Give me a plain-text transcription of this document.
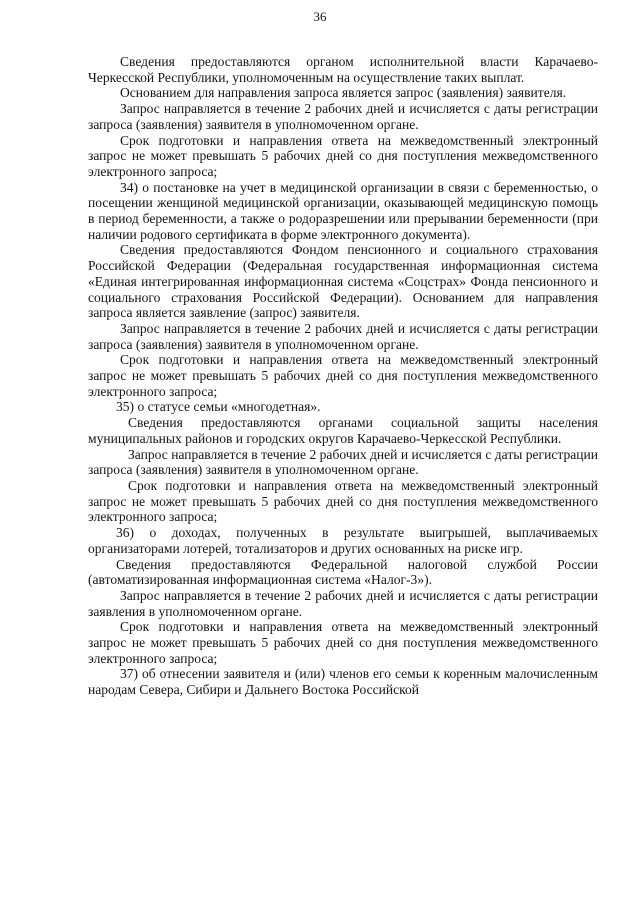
36

Сведения предоставляются органом исполнительной власти Карачаево-Черкесской Республики, уполномоченным на осуществление таких выплат.

Основанием для направления запроса является запрос (заявления) заявителя.

Запрос направляется в течение 2 рабочих дней и исчисляется с даты регистрации запроса (заявления) заявителя в уполномоченном органе.

Срок подготовки и направления ответа на межведомственный электронный запрос не может превышать 5 рабочих дней со дня поступления межведомственного электронного запроса;

34) о постановке на учет в медицинской организации в связи с беременностью, о посещении женщиной медицинской организации, оказывающей медицинскую помощь в период беременности, а также о родоразрешении или прерывании беременности (при наличии родового сертификата в форме электронного документа).

Сведения предоставляются Фондом пенсионного и социального страхования Российской Федерации (Федеральная государственная информационная система «Единая интегрированная информационная система «Соцстрах» Фонда пенсионного и социального страхования Российской Федерации). Основанием для направления запроса является заявление (запрос) заявителя.

Запрос направляется в течение 2 рабочих дней и исчисляется с даты регистрации запроса (заявления) заявителя в уполномоченном органе.

Срок подготовки и направления ответа на межведомственный электронный запрос не может превышать 5 рабочих дней со дня поступления межведомственного электронного запроса;

35) о статусе семьи «многодетная».

Сведения предоставляются органами социальной защиты населения муниципальных районов и городских округов Карачаево-Черкесской Республики.

Запрос направляется в течение 2 рабочих дней и исчисляется с даты регистрации запроса (заявления) заявителя в уполномоченном органе.

Срок подготовки и направления ответа на межведомственный электронный запрос не может превышать 5 рабочих дней со дня поступления межведомственного электронного запроса;

36) о доходах, полученных в результате выигрышей, выплачиваемых организаторами лотерей, тотализаторов и других основанных на риске игр.

Сведения предоставляются Федеральной налоговой службой России (автоматизированная информационная система «Налог-3»).

Запрос направляется в течение 2 рабочих дней и исчисляется с даты регистрации заявления в уполномоченном органе.

Срок подготовки и направления ответа на межведомственный электронный запрос не может превышать 5 рабочих дней со дня поступления межведомственного электронного запроса;

37) об отнесении заявителя и (или) членов его семьи к коренным малочисленным народам Севера, Сибири и Дальнего Востока Российской
